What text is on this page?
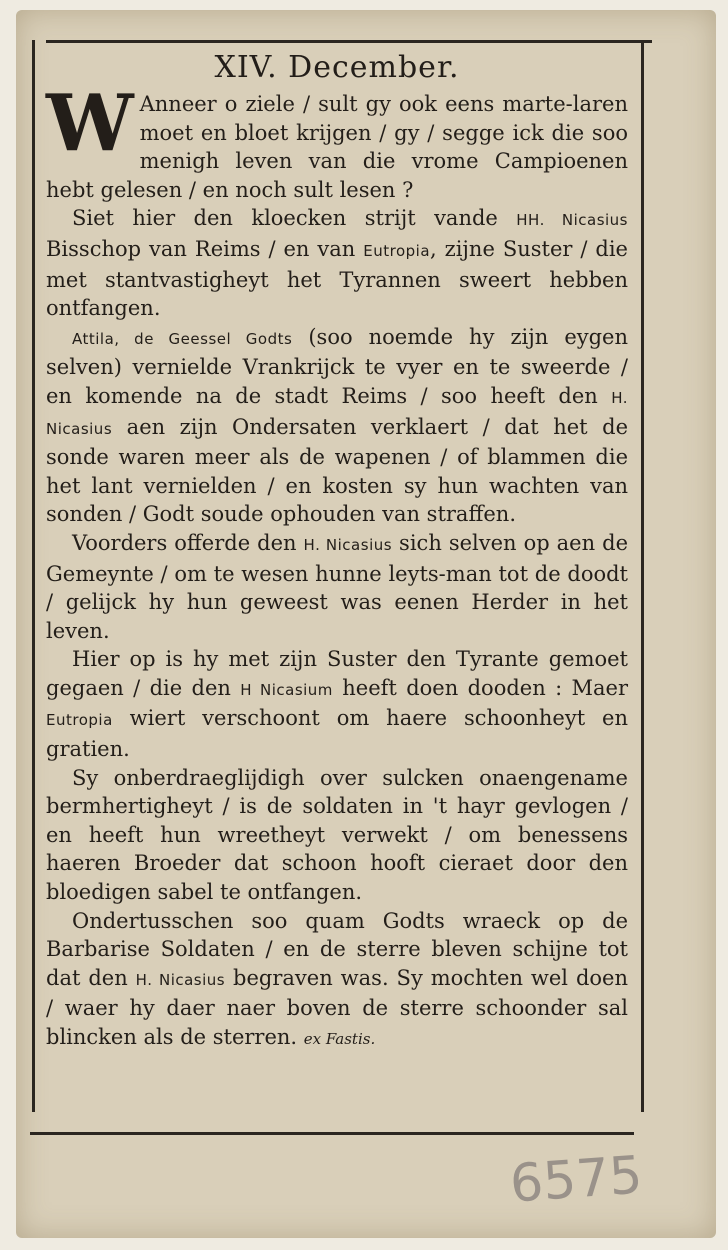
XIV. December.

W Anneer o ziele / sult gy ook eens marte-laren moet en bloet krijgen / gy / segge ick die soo menigh leven van die vrome Campioenen hebt gelesen / en noch sult lesen ?

Siet hier den kloecken strijt vande HH. Nicasius Bisschop van Reims / en van Eutropia, zijne Suster / die met stantvastigheyt het Tyrannen sweert hebben ontfangen.

Attila, de Geessel Godts (soo noemde hy zijn eygen selven) vernielde Vrankrijck te vyer en te sweerde / en komende na de stadt Reims / soo heeft den H. Nicasius aen zijn Ondersaten verklaert / dat het de sonde waren meer als de wapenen / of blammen die het lant vernielden / en kosten sy hun wachten van sonden / Godt soude ophouden van straffen.

Voorders offerde den H. Nicasius sich selven op aen de Gemeynte / om te wesen hunne leyts-man tot de doodt / gelijck hy hun geweest was eenen Herder in het leven.

Hier op is hy met zijn Suster den Tyrante gemoet gegaen / die den H Nicasium heeft doen dooden : Maer Eutropia wiert verschoont om haere schoonheyt en gratien.

Sy onberdraeglijdigh over sulcken onaengename bermhertigheyt / is de soldaten in 't hayr gevlogen / en heeft hun wreetheyt verwekt / om benessens haeren Broeder dat schoon hooft cieraet door den bloedigen sabel te ontfangen.

Ondertusschen soo quam Godts wraeck op de Barbarise Soldaten / en de sterre bleven schijne tot dat den H. Nicasius begraven was. Sy mochten wel doen / waer hy daer naer boven de sterre schoonder sal blincken als de sterren. ex Fastis.

6575
